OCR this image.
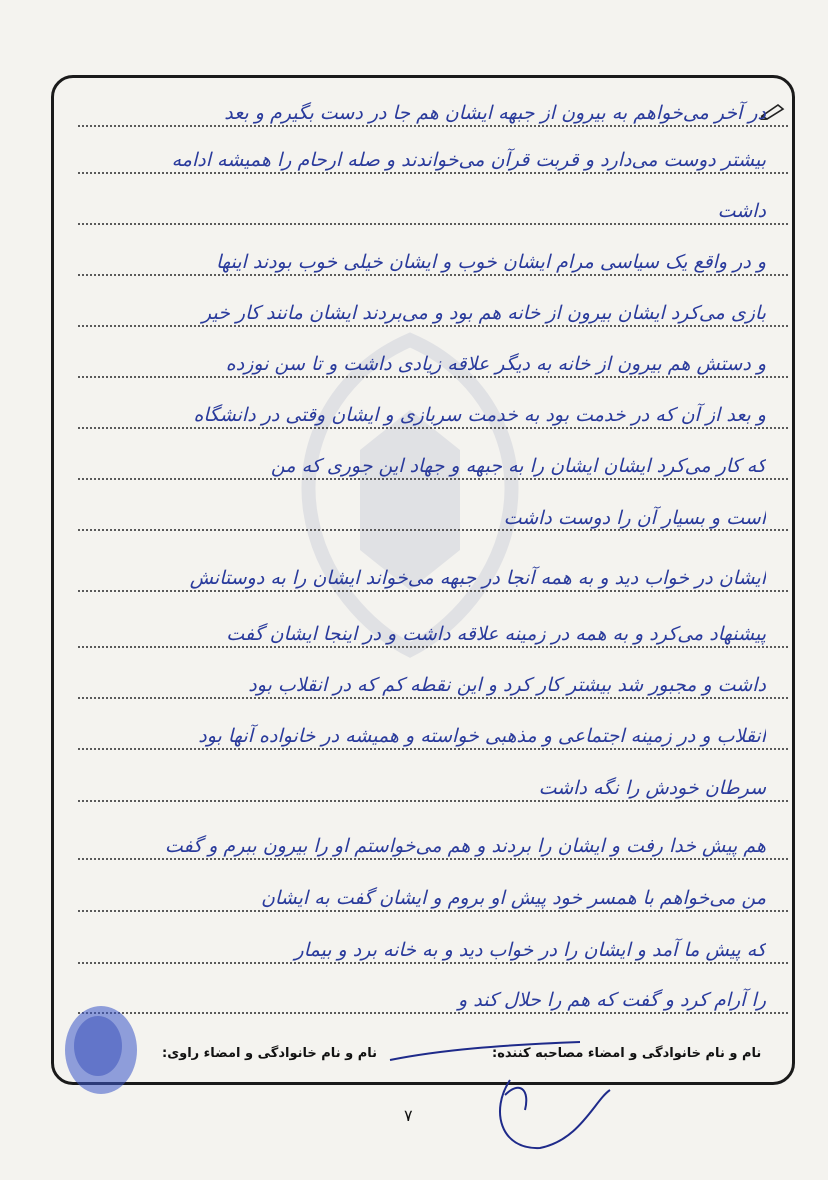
در آخر می‌خواهم به بیرون از جبهه ایشان هم جا در دست بگیرم و بعد
بیشتر دوست می‌دارد و قربت قرآن می‌خواندند و صله ارحام را همیشه ادامه
داشت
و در واقع یک سیاسی مرام ایشان خوب و ایشان خیلی خوب بودند اینها
بازی می‌کرد ایشان بیرون از خانه هم بود و می‌بردند ایشان مانند کار خیر
و دستش هم بیرون از خانه به دیگر علاقه زیادی داشت و تا سن نوزده
و بعد از آن که در خدمت بود به خدمت سربازی و ایشان وقتی در دانشگاه
که کار می‌کرد ایشان ایشان را به جبهه و جهاد این جوری که من
است و بسیار آن را دوست داشت
ایشان در خواب دید و به همه آنجا در جبهه می‌خواند ایشان را به دوستانش
پیشنهاد می‌کرد و به همه در زمینه علاقه داشت و در اینجا ایشان گفت
داشت و مجبور شد بیشتر کار کرد و این نقطه کم که در انقلاب بود
انقلاب و در زمینه اجتماعی و مذهبی خواسته و همیشه در خانواده آنها بود
سرطان خودش را نگه داشت
هم پیش خدا رفت و ایشان را بردند و هم می‌خواستم او را بیرون ببرم و گفت
من می‌خواهم با همسر خود پیش او بروم و ایشان گفت به ایشان
که پیش ما آمد و ایشان را در خواب دید و به خانه برد و بیمار
را آرام کرد و گفت که هم را حلال کند و
نام و نام خانوادگی و امضاء راوی:	نام و نام خانوادگی و امضاء مصاحبه کننده:
۷
